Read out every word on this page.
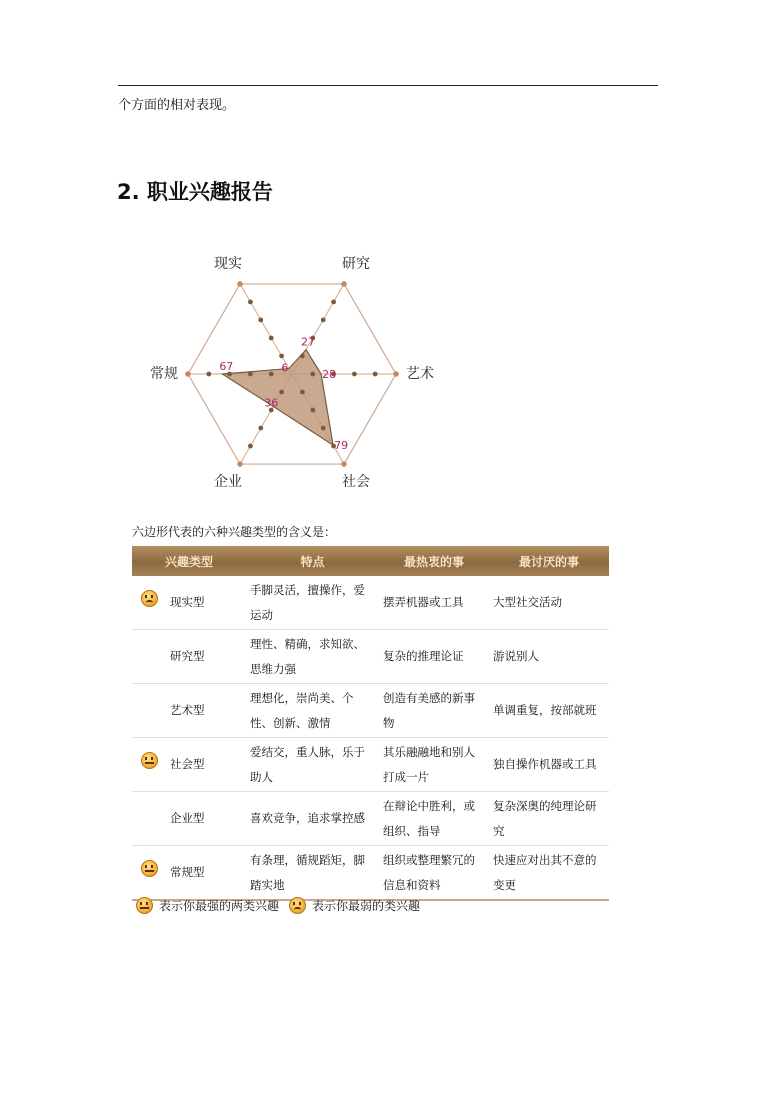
个方面的相对表现。
2. 职业兴趣报告
现实	研究
艺术
社会
企业
常规	6
27
28
79
36
67
六边形代表的六种兴趣类型的含义是：
兴趣类型		特点	最热衷的事	最讨厌的事
	现实型	手脚灵活，擅操作，爱运动	摆弄机器或工具	大型社交活动
	研究型	理性、精确，求知欲、思维力强	复杂的推理论证	游说别人
	艺术型	理想化，崇尚美、个性、创新、激情	创造有美感的新事物	单调重复，按部就班
	社会型	爱结交，重人脉，乐于助人	其乐融融地和别人打成一片	独自操作机器或工具
	企业型	喜欢竞争，追求掌控感	在辩论中胜利，或组织、指导	复杂深奥的纯理论研究
	常规型	有条理，循规蹈矩，脚踏实地	组织或整理繁冗的信息和资料	快速应对出其不意的变更
表示你最强的两类兴趣	表示你最弱的类兴趣
